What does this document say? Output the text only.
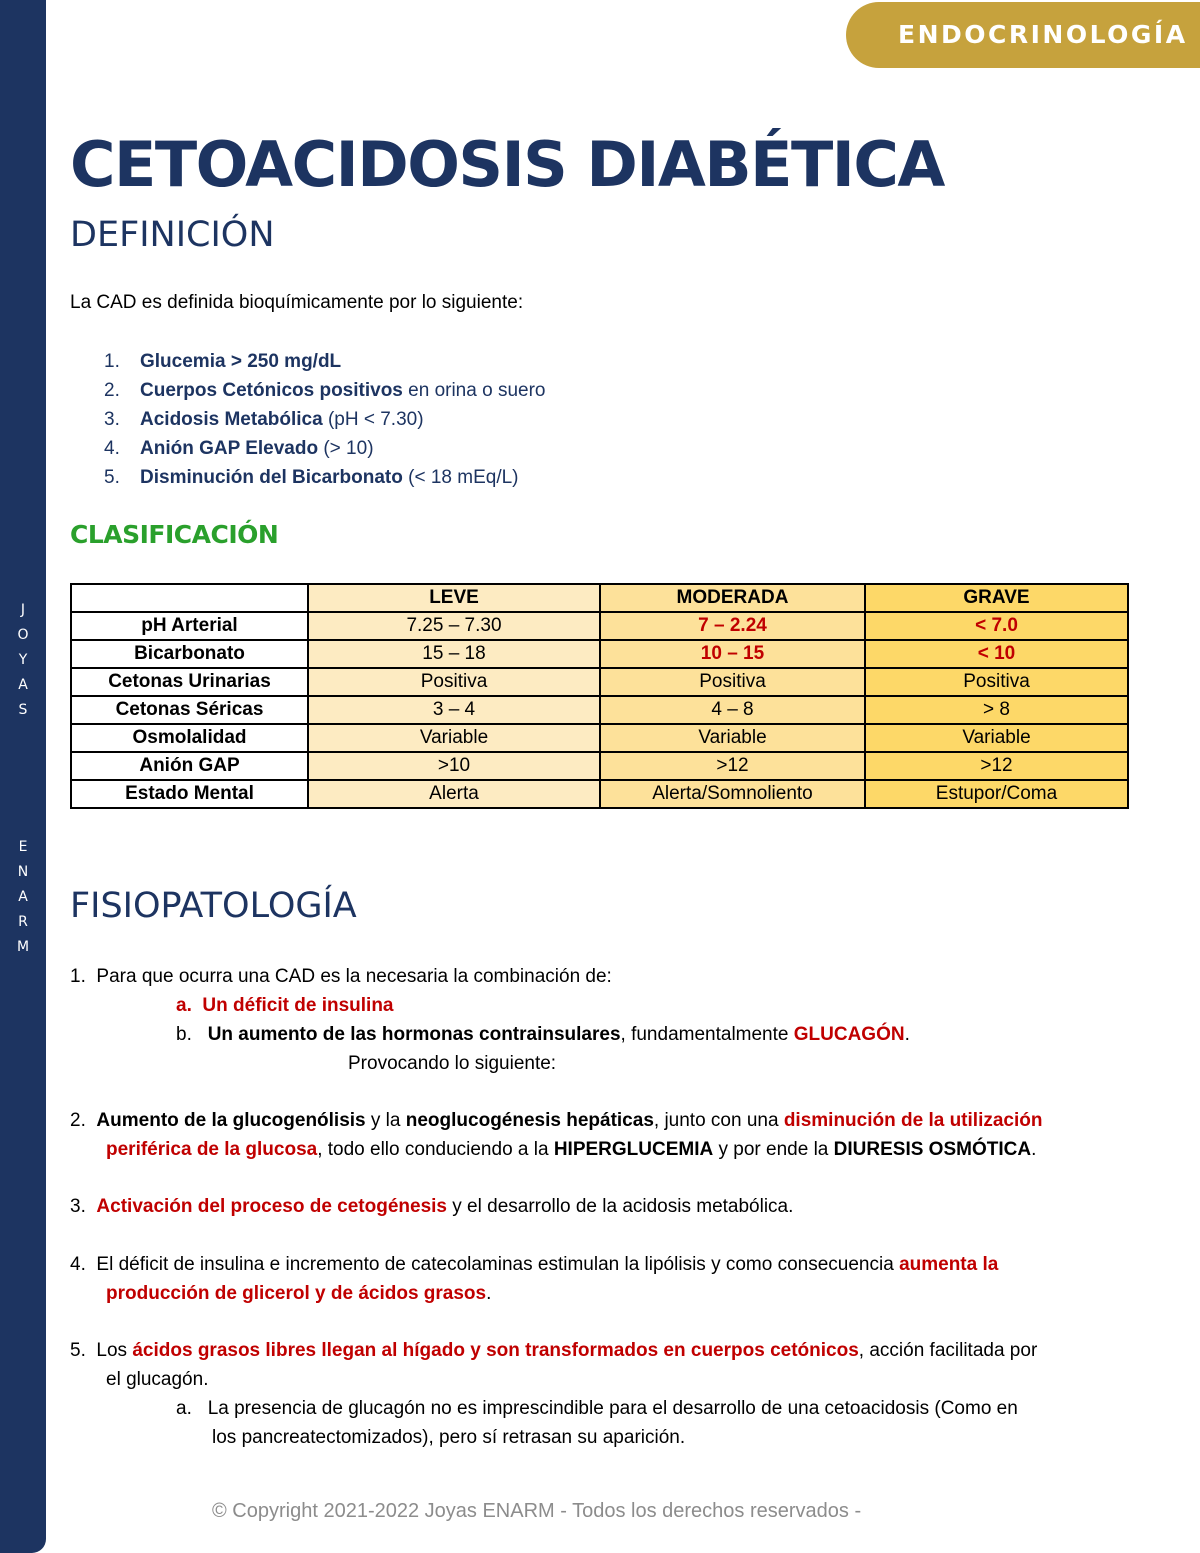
J
O
Y
A
S
E
N
A
R
M
ENDOCRINOLOGÍA
CETOACIDOSIS DIABÉTICA
DEFINICIÓN
La CAD es definida bioquímicamente por lo siguiente:
1. Glucemia > 250 mg/dL
2. Cuerpos Cetónicos positivos en orina o suero
3. Acidosis Metabólica (pH < 7.30)
4. Anión GAP Elevado (> 10)
5. Disminución del Bicarbonato (< 18 mEq/L)
CLASIFICACIÓN
	LEVE	MODERADA	GRAVE
pH Arterial	7.25 – 7.30	7 – 2.24	< 7.0
Bicarbonato	15 – 18	10 – 15	< 10
Cetonas Urinarias	Positiva	Positiva	Positiva
Cetonas Séricas	3 – 4	4 – 8	> 8
Osmolalidad	Variable	Variable	Variable
Anión GAP	>10	>12	>12
Estado Mental	Alerta	Alerta/Somnoliento	Estupor/Coma
FISIOPATOLOGÍA
1. Para que ocurra una CAD es la necesaria la combinación de:
a. Un déficit de insulina
b. Un aumento de las hormonas contrainsulares, fundamentalmente GLUCAGÓN.
Provocando lo siguiente:
2. Aumento de la glucogenólisis y la neoglucogénesis hepáticas, junto con una disminución de la utilización
periférica de la glucosa, todo ello conduciendo a la HIPERGLUCEMIA y por ende la DIURESIS OSMÓTICA.
3. Activación del proceso de cetogénesis y el desarrollo de la acidosis metabólica.
4. El déficit de insulina e incremento de catecolaminas estimulan la lipólisis y como consecuencia aumenta la
producción de glicerol y de ácidos grasos.
5. Los ácidos grasos libres llegan al hígado y son transformados en cuerpos cetónicos, acción facilitada por
el glucagón.
a. La presencia de glucagón no es imprescindible para el desarrollo de una cetoacidosis (Como en
los pancreatectomizados), pero sí retrasan su aparición.
© Copyright 2021-2022 Joyas ENARM - Todos los derechos reservados -
